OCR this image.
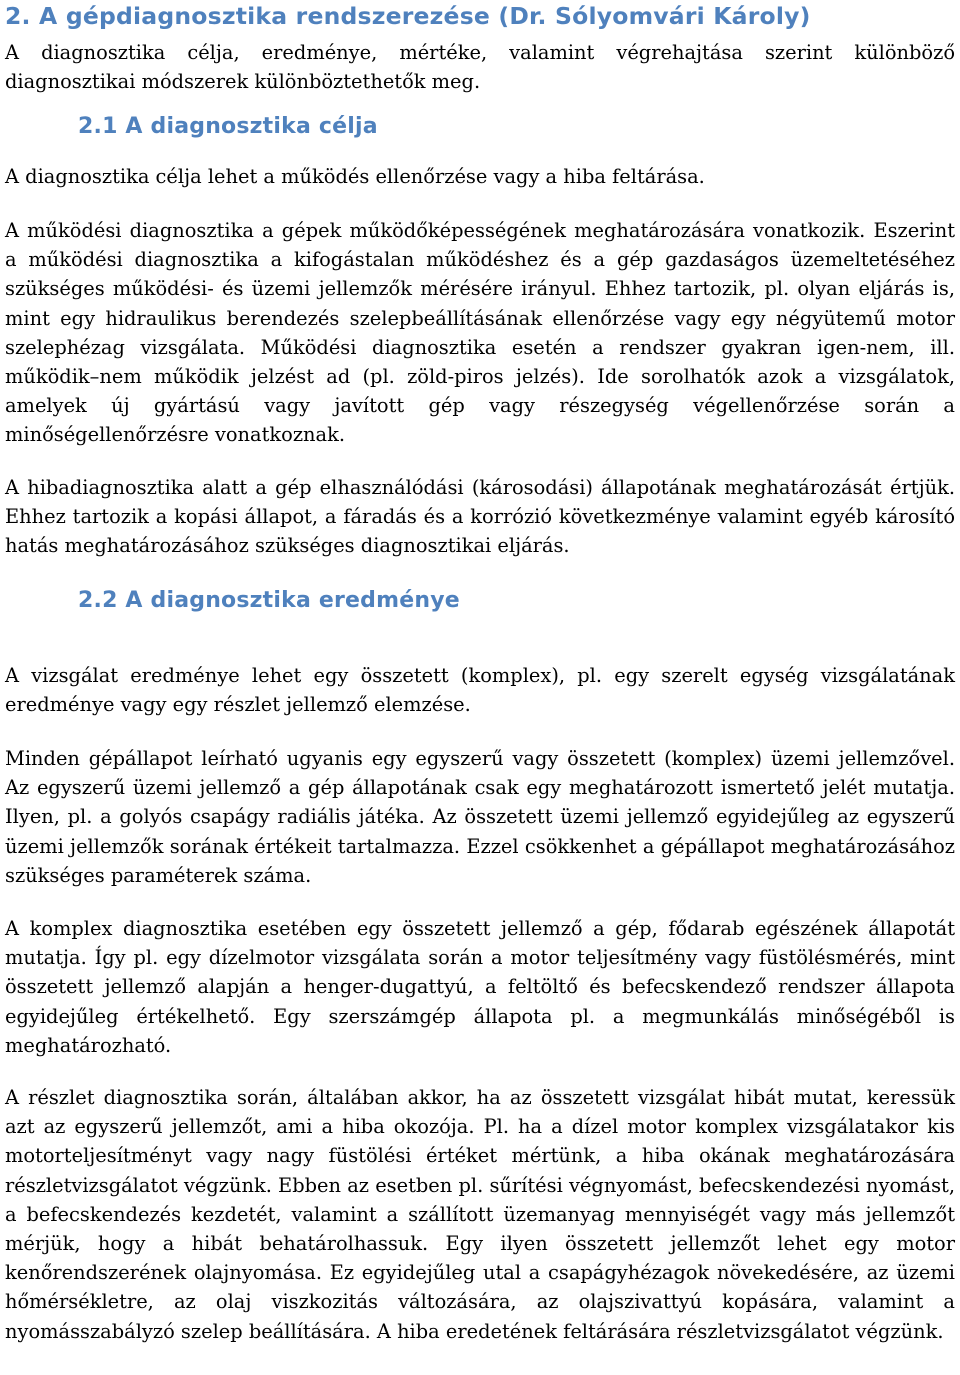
2. A gépdiagnosztika rendszerezése (Dr. Sólyomvári Károly)

A diagnosztika célja, eredménye, mértéke, valamint végrehajtása szerint különböző diagnosztikai módszerek különböztethetők meg.

2.1 A diagnosztika célja

A diagnosztika célja lehet a működés ellenőrzése vagy a hiba feltárása.

A működési diagnosztika a gépek működőképességének meghatározására vonatkozik. Eszerint a működési diagnosztika a kifogástalan működéshez és a gép gazdaságos üzemeltetéséhez szükséges működési- és üzemi jellemzők mérésére irányul. Ehhez tartozik, pl. olyan eljárás is, mint egy hidraulikus berendezés szelepbeállításának ellenőrzése vagy egy négyütemű motor szelephézag vizsgálata. Működési diagnosztika esetén a rendszer gyakran igen-nem, ill. működik–nem működik jelzést ad (pl. zöld-piros jelzés). Ide sorolhatók azok a vizsgálatok, amelyek új gyártású vagy javított gép vagy részegység végellenőrzése során a minőségellenőrzésre vonatkoznak.

A hibadiagnosztika alatt a gép elhasználódási (károsodási) állapotának meghatározását értjük. Ehhez tartozik a kopási állapot, a fáradás és a korrózió következménye valamint egyéb károsító hatás meghatározásához szükséges diagnosztikai eljárás.

2.2 A diagnosztika eredménye

A vizsgálat eredménye lehet egy összetett (komplex), pl. egy szerelt egység vizsgálatának eredménye vagy egy részlet jellemző elemzése.

Minden gépállapot leírható ugyanis egy egyszerű vagy összetett (komplex) üzemi jellemzővel. Az egyszerű üzemi jellemző a gép állapotának csak egy meghatározott ismertető jelét mutatja. Ilyen, pl. a golyós csapágy radiális játéka. Az összetett üzemi jellemző egyidejűleg az egyszerű üzemi jellemzők sorának értékeit tartalmazza. Ezzel csökkenhet a gépállapot meghatározásához szükséges paraméterek száma.

A komplex diagnosztika esetében egy összetett jellemző a gép, fődarab egészének állapotát mutatja. Így pl. egy dízelmotor vizsgálata során a motor teljesítmény vagy füstölésmérés, mint összetett jellemző alapján a henger-dugattyú, a feltöltő és befecskendező rendszer állapota egyidejűleg értékelhető. Egy szerszámgép állapota pl. a megmunkálás minőségéből is meghatározható.

A részlet diagnosztika során, általában akkor, ha az összetett vizsgálat hibát mutat, keressük azt az egyszerű jellemzőt, ami a hiba okozója. Pl. ha a dízel motor komplex vizsgálatakor kis motorteljesítményt vagy nagy füstölési értéket mértünk, a hiba okának meghatározására részletvizsgálatot végzünk. Ebben az esetben pl. sűrítési végnyomást, befecskendezési nyomást, a befecskendezés kezdetét, valamint a szállított üzemanyag mennyiségét vagy más jellemzőt mérjük, hogy a hibát behatárolhassuk. Egy ilyen összetett jellemzőt lehet egy motor kenőrendszerének olajnyomása. Ez egyidejűleg utal a csapágyhézagok növekedésére, az üzemi hőmérsékletre, az olaj viszkozitás változására, az olajszivattyú kopására, valamint a nyomásszabályzó szelep beállítására. A hiba eredetének feltárására részletvizsgálatot végzünk.
